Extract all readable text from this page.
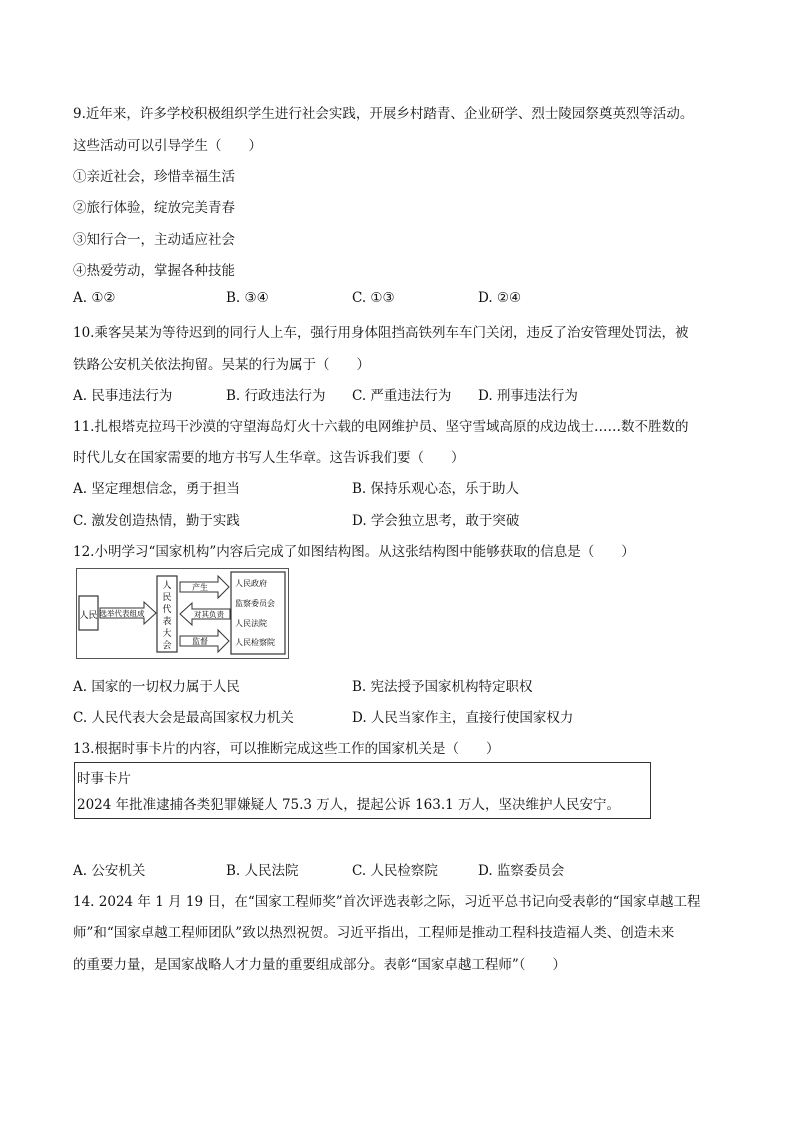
9.近年来，许多学校积极组织学生进行社会实践，开展乡村踏青、企业研学、烈士陵园祭奠英烈等活动。
这些活动可以引导学生（　　）
①亲近社会，珍惜幸福生活
②旅行体验，绽放完美青春
③知行合一，主动适应社会
④热爱劳动，掌握各种技能
A. ①②	B. ③④	C. ①③	D. ②④
10.乘客吴某为等待迟到的同行人上车，强行用身体阻挡高铁列车车门关闭，违反了治安管理处罚法，被
铁路公安机关依法拘留。吴某的行为属于（　　）
A. 民事违法行为	B. 行政违法行为 C. 严重违法行为 D. 刑事违法行为
11.扎根塔克拉玛干沙漠的守望海岛灯火十六载的电网维护员、坚守雪域高原的戍边战士……数不胜数的
时代儿女在国家需要的地方书写人生华章。这告诉我们要（　　）
A. 坚定理想信念，勇于担当	B. 保持乐观心态，乐于助人
C. 激发创造热情，勤于实践	D. 学会独立思考，敢于突破
12.小明学习“国家机构”内容后完成了如图结构图。从这张结构图中能够获取的信息是（　　）
人民 选举代表组成
人
民
代
表
大
会
产生
对其负责
监督
人民政府
监察委员会
人民法院
人民检察院
A. 国家的一切权力属于人民	B. 宪法授予国家机构特定职权
C. 人民代表大会是最高国家权力机关	D. 人民当家作主，直接行使国家权力
13.根据时事卡片的内容，可以推断完成这些工作的国家机关是（　　）
时事卡片
2024 年批准逮捕各类犯罪嫌疑人 75.3 万人，提起公诉 163.1 万人，坚决维护人民安宁。
A. 公安机关	B. 人民法院	C. 人民检察院	D. 监察委员会
14. 2024 年 1 月 19 日，在“国家工程师奖”首次评选表彰之际，习近平总书记向受表彰的“国家卓越工程
师”和“国家卓越工程师团队”致以热烈祝贺。习近平指出，工程师是推动工程科技造福人类、创造未来
的重要力量，是国家战略人才力量的重要组成部分。表彰“国家卓越工程师”（　　）
